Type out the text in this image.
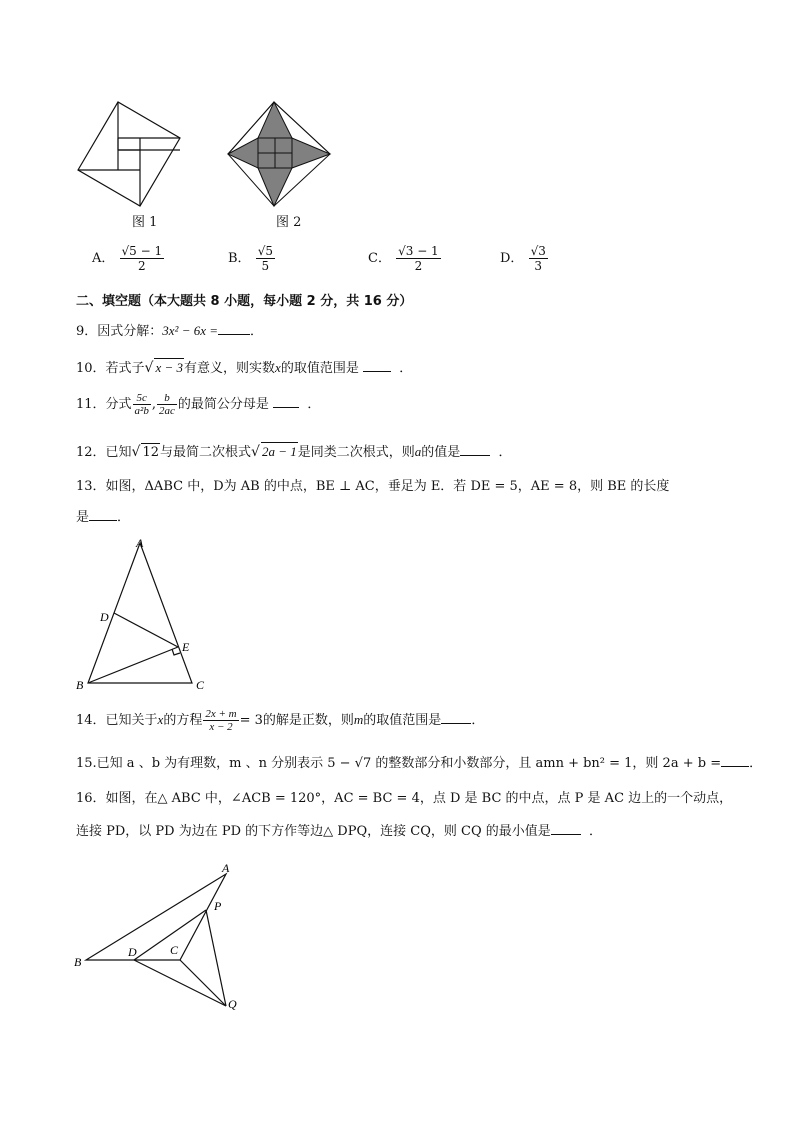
图 1	图 2
A． $\frac{√5 - 1}{2}$	B． $\frac{√5}{5}$	C． $\frac{√3 - 1}{2}$	D． $\frac{√3}{3}$
二、填空题（本大题共 8 小题，每小题 2 分，共 16 分）
9．因式分解：3x² − 6x = ．
10．若式子√ x − 3有意义，则实数x的取值范围是	．
11．分式 $\frac{5c}{\text{a²b}}$ , $\frac{b}{2ac}$ 的最简公分母是	．
12．已知√ 12与最简二次根式√ 2a − 1是同类二次根式，则a的值是	．
13．如图，ΔABC 中，D为 AB 的中点，BE ⊥ AC，垂足为 E．若 DE = 5，AE = 8，则 BE 的长度
是 ．
A
D
E
B	C
14．已知关于x的方程 $\frac{2x + m}{x - 2} = 3$的解是正数，则m的取值范围是 ．
15.已知 a 、b 为有理数，m 、n 分别表示 5 − √7 的整数部分和小数部分，且 amn + bn² = 1，则 2a + b = ．
16．如图，在△ ABC 中，∠ACB = 120°，AC = BC = 4，点 D 是 BC 的中点，点 P 是 AC 边上的一个动点，
连接 PD，以 PD 为边在 PD 的下方作等边△ DPQ，连接 CQ，则 CQ 的最小值是	．
A
P
B
D	C
Q
